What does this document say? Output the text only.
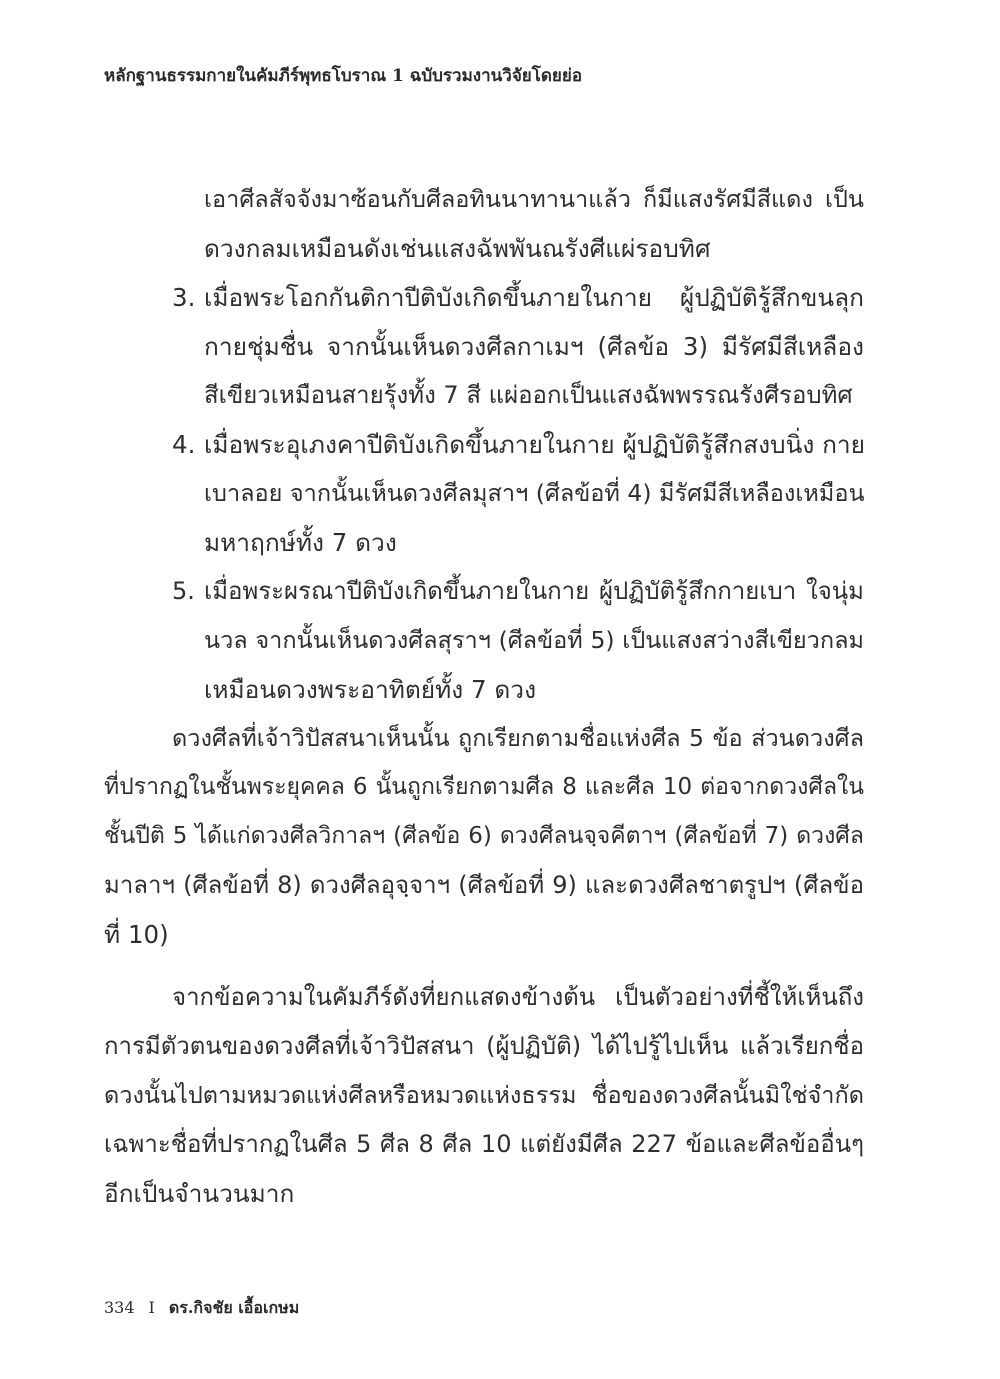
หลักฐานธรรมกายในคัมภีร์พุทธโบราณ 1 ฉบับรวมงานวิจัยโดยย่อ
เอาศีลสัจจังมาซ้อนกับศีลอทินนาทานาแล้ว ก็มีแสงรัศมีสีแดง เป็น
ดวงกลมเหมือนดังเช่นแสงฉัพพันณรังศีแผ่รอบทิศ
3. เมื่อพระโอกกันติกาปีติบังเกิดขึ้นภายในกาย ผู้ปฏิบัติรู้สึกขนลุก
กายชุ่มชื่น จากนั้นเห็นดวงศีลกาเมฯ (ศีลข้อ 3) มีรัศมีสีเหลือง
สีเขียวเหมือนสายรุ้งทั้ง 7 สี แผ่ออกเป็นแสงฉัพพรรณรังศีรอบทิศ
4. เมื่อพระอุเภงคาปีติบังเกิดขึ้นภายในกาย ผู้ปฏิบัติรู้สึกสงบนิ่ง กาย
เบาลอย จากนั้นเห็นดวงศีลมุสาฯ (ศีลข้อที่ 4) มีรัศมีสีเหลืองเหมือน
มหาฤกษ์ทั้ง 7 ดวง
5. เมื่อพระผรณาปีติบังเกิดขึ้นภายในกาย ผู้ปฏิบัติรู้สึกกายเบา ใจนุ่ม
นวล จากนั้นเห็นดวงศีลสุราฯ (ศีลข้อที่ 5) เป็นแสงสว่างสีเขียวกลม
เหมือนดวงพระอาทิตย์ทั้ง 7 ดวง
ดวงศีลที่เจ้าวิปัสสนาเห็นนั้น ถูกเรียกตามชื่อแห่งศีล 5 ข้อ ส่วนดวงศีล
ที่ปรากฏในชั้นพระยุคคล 6 นั้นถูกเรียกตามศีล 8 และศีล 10 ต่อจากดวงศีลใน
ชั้นปีติ 5 ได้แก่ดวงศีลวิกาลฯ (ศีลข้อ 6) ดวงศีลนจฺจคีตาฯ (ศีลข้อที่ 7) ดวงศีล
มาลาฯ (ศีลข้อที่ 8) ดวงศีลอุจฺจาฯ (ศีลข้อที่ 9) และดวงศีลชาตรูปฯ (ศีลข้อ
ที่ 10)
จากข้อความในคัมภีร์ดังที่ยกแสดงข้างต้น เป็นตัวอย่างที่ชี้ให้เห็นถึง
การมีตัวตนของดวงศีลที่เจ้าวิปัสสนา (ผู้ปฏิบัติ) ได้ไปรู้ไปเห็น แล้วเรียกชื่อ
ดวงนั้นไปตามหมวดแห่งศีลหรือหมวดแห่งธรรม ชื่อของดวงศีลนั้นมิใช่จำกัด
เฉพาะชื่อที่ปรากฏในศีล 5 ศีล 8 ศีล 10 แต่ยังมีศีล 227 ข้อและศีลข้ออื่นๆ
อีกเป็นจำนวนมาก
334 I ดร.กิจชัย เอื้อเกษม
